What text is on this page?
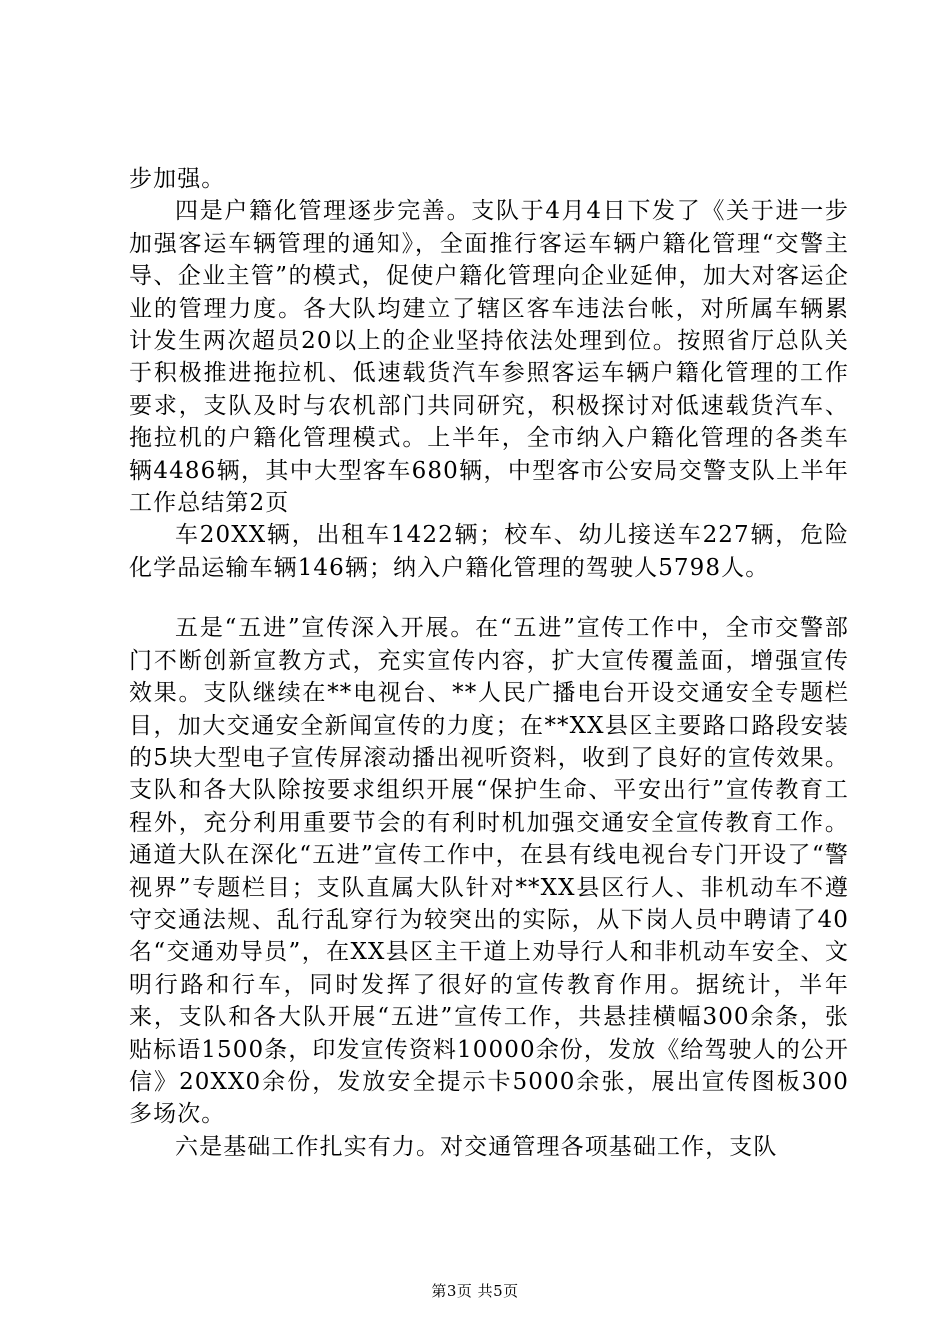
步加强。

四是户籍化管理逐步完善。支队于4月4日下发了《关于进一步加强客运车辆管理的通知》，全面推行客运车辆户籍化管理“交警主导、企业主管”的模式，促使户籍化管理向企业延伸，加大对客运企业的管理力度。各大队均建立了辖区客车违法台帐，对所属车辆累计发生两次超员20以上的企业坚持依法处理到位。按照省厅总队关于积极推进拖拉机、低速载货汽车参照客运车辆户籍化管理的工作要求，支队及时与农机部门共同研究，积极探讨对低速载货汽车、拖拉机的户籍化管理模式。上半年，全市纳入户籍化管理的各类车辆4486辆，其中大型客车680辆，中型客市公安局交警支队上半年工作总结第2页

车20XX辆，出租车1422辆；校车、幼儿接送车227辆，危险化学品运输车辆146辆；纳入户籍化管理的驾驶人5798人。

五是“五进”宣传深入开展。在“五进”宣传工作中，全市交警部门不断创新宣教方式，充实宣传内容，扩大宣传覆盖面，增强宣传效果。支队继续在**电视台、**人民广播电台开设交通安全专题栏目，加大交通安全新闻宣传的力度；在**XX县区主要路口路段安装的5块大型电子宣传屏滚动播出视听资料，收到了良好的宣传效果。支队和各大队除按要求组织开展“保护生命、平安出行”宣传教育工程外，充分利用重要节会的有利时机加强交通安全宣传教育工作。通道大队在深化“五进”宣传工作中，在县有线电视台专门开设了“警视界”专题栏目；支队直属大队针对**XX县区行人、非机动车不遵守交通法规、乱行乱穿行为较突出的实际，从下岗人员中聘请了40名“交通劝导员”，在XX县区主干道上劝导行人和非机动车安全、文明行路和行车，同时发挥了很好的宣传教育作用。据统计，半年来，支队和各大队开展“五进”宣传工作，共悬挂横幅300余条，张贴标语1500条，印发宣传资料10000余份，发放《给驾驶人的公开信》20XX0余份，发放安全提示卡5000余张，展出宣传图板300多场次。

六是基础工作扎实有力。对交通管理各项基础工作，支队

第3页 共5页
